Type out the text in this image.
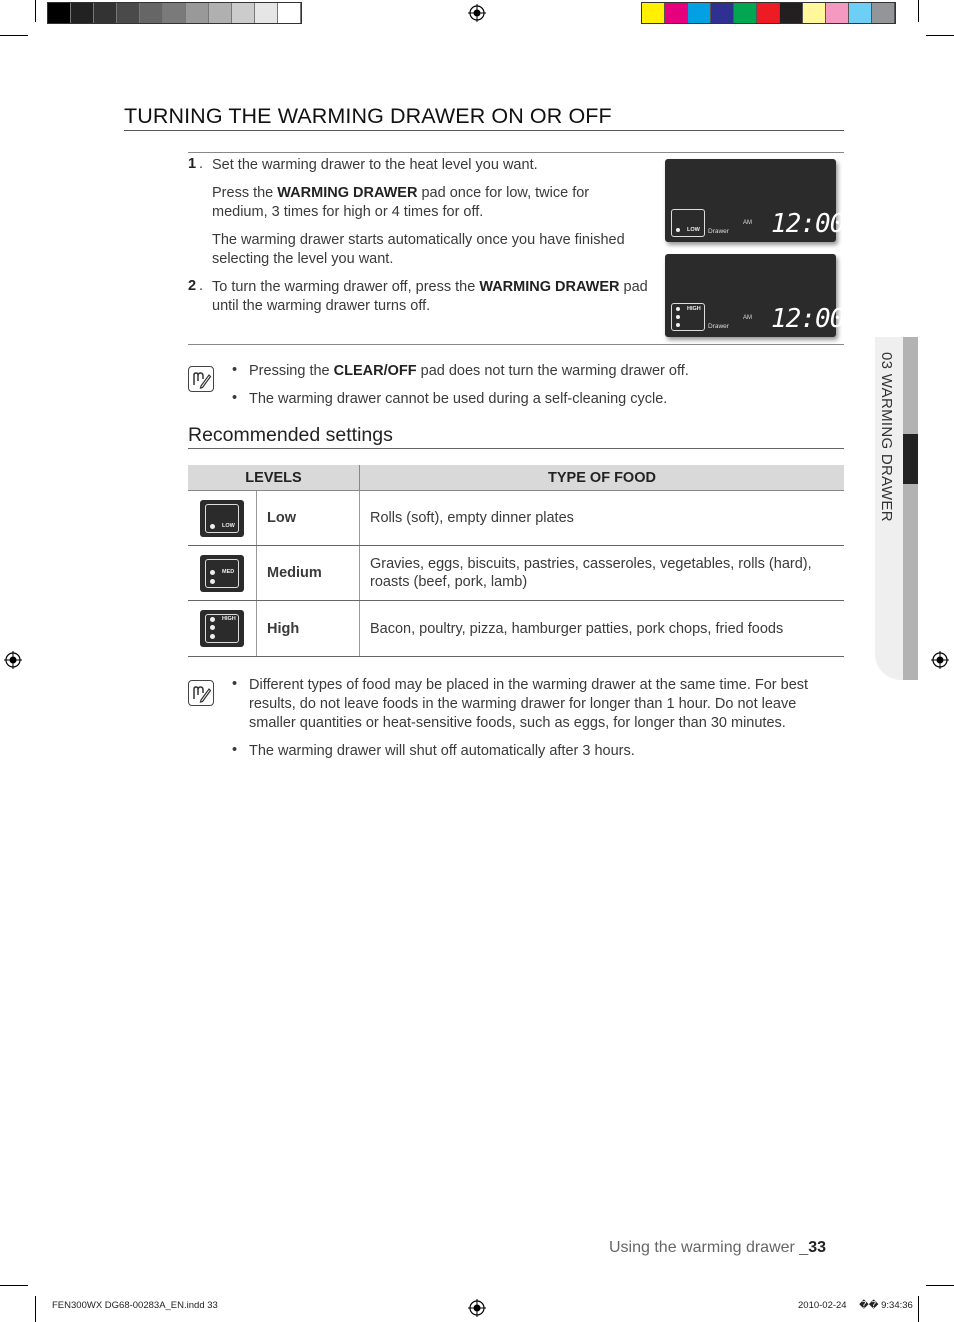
TURNING THE WARMING DRAWER ON OR OFF
1 . Set the warming drawer to the heat level you want.
Press the WARMING DRAWER pad once for low, twice for medium, 3 times for high or 4 times for off.
The warming drawer starts automatically once you have finished selecting the level you want.
2 . To turn the warming drawer off, press the WARMING DRAWER pad until the warming drawer turns off.
LOW Drawer
AM 12:00
HIGH
Drawer
AM 12:00
• Pressing the CLEAR/OFF pad does not turn the warming drawer off.
• The warming drawer cannot be used during a self-cleaning cycle.
Recommended settings
LEVELS		TYPE OF FOOD

LOW	Low	Rolls (soft), empty dinner plates

MED	Medium	Gravies, eggs, biscuits, pastries, casseroles, vegetables, rolls (hard), roasts (beef, pork, lamb)

HIGH	High	Bacon, poultry, pizza, hamburger patties, pork chops, fried foods
• Different types of food may be placed in the warming drawer at the same time. For best results, do not leave foods in the warming drawer for longer than 1 hour. Do not leave smaller quantities or heat-sensitive foods, such as eggs, for longer than 30 minutes.
• The warming drawer will shut off automatically after 3 hours.
03 WARMING DRAWER
Using the warming drawer _33
FEN300WX DG68-00283A_EN.indd 33	2010-02-24 �� 9:34:36
